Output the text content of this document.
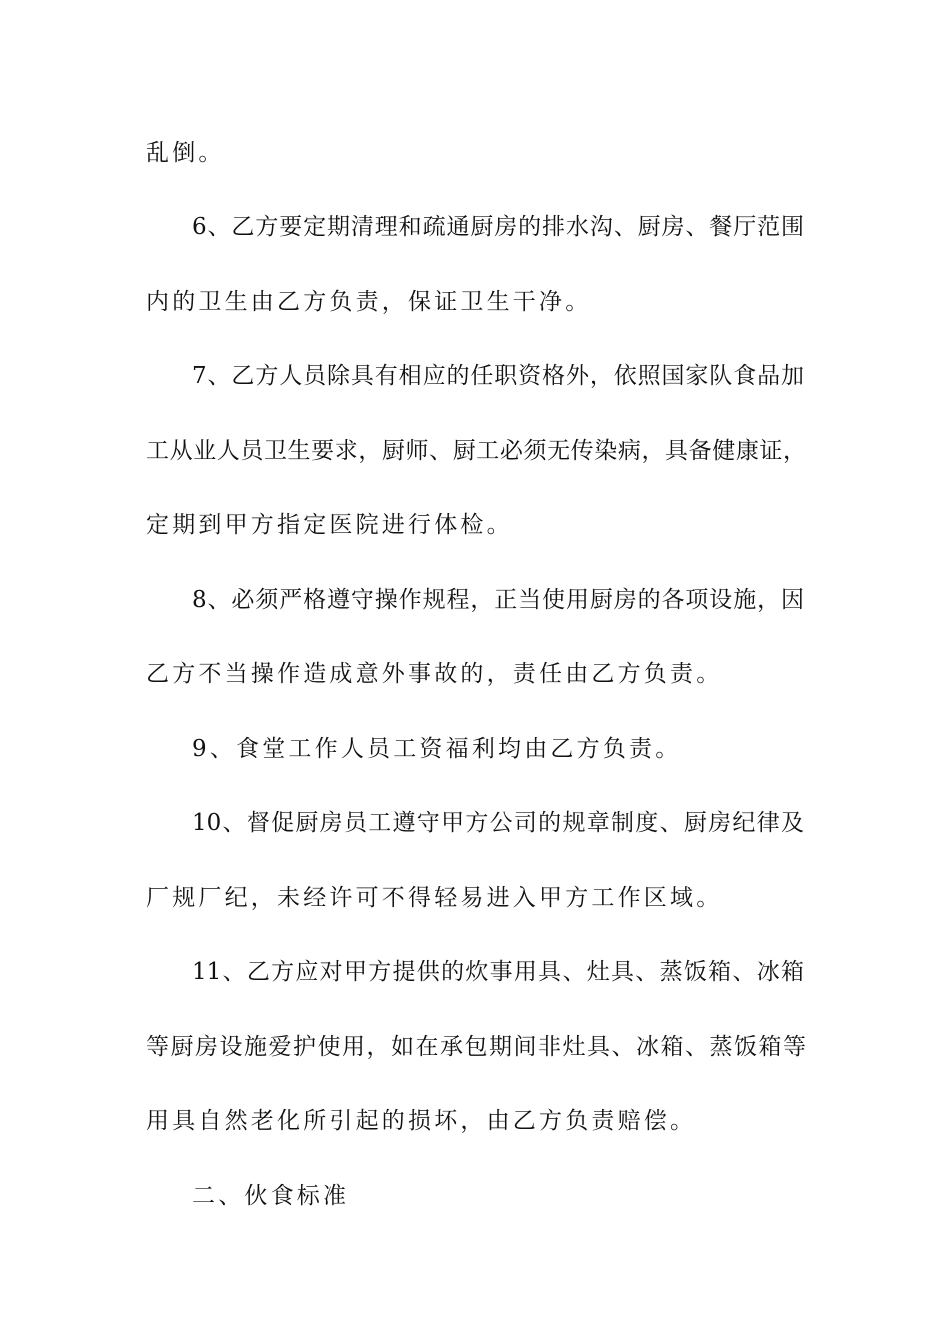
乱倒。
6、乙方要定期清理和疏通厨房的排水沟、厨房、餐厅范围
内的卫生由乙方负责，保证卫生干净。
7、乙方人员除具有相应的任职资格外，依照国家队食品加
工从业人员卫生要求，厨师、厨工必须无传染病，具备健康证，
定期到甲方指定医院进行体检。
8、必须严格遵守操作规程，正当使用厨房的各项设施，因
乙方不当操作造成意外事故的，责任由乙方负责。
9、食堂工作人员工资福利均由乙方负责。
10、督促厨房员工遵守甲方公司的规章制度、厨房纪律及
厂规厂纪，未经许可不得轻易进入甲方工作区域。
11、乙方应对甲方提供的炊事用具、灶具、蒸饭箱、冰箱
等厨房设施爱护使用，如在承包期间非灶具、冰箱、蒸饭箱等
用具自然老化所引起的损坏，由乙方负责赔偿。
二、伙食标准
